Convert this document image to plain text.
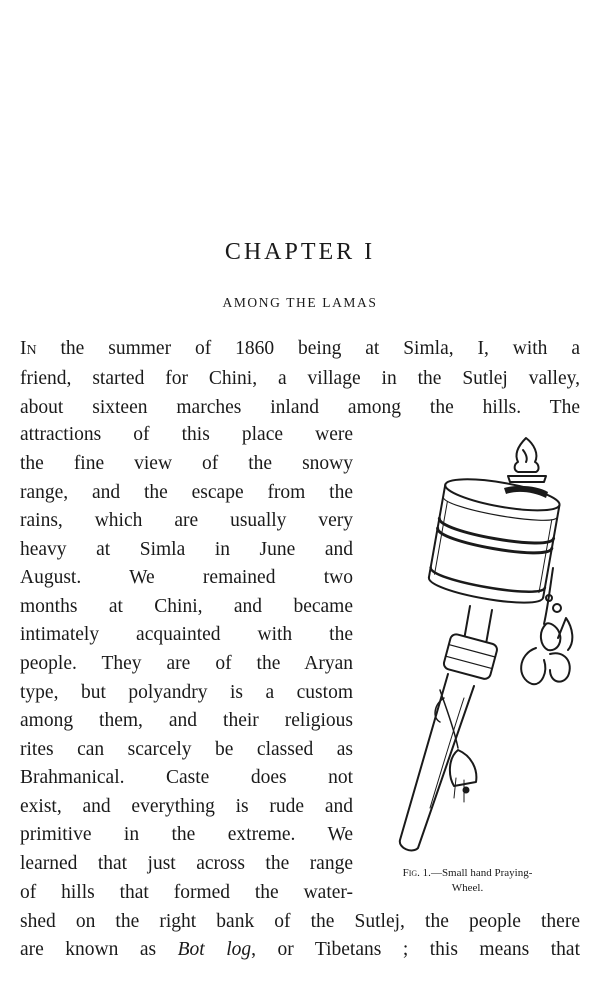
CHAPTER I
AMONG THE LAMAS
In the summer of 1860 being at Simla, I, with a
friend, started for Chini, a village in the Sutlej valley,
about sixteen marches inland among the hills. The
attractions of this place were
the fine view of the snowy
range, and the escape from the
rains, which are usually very
heavy at Simla in June and
August. We remained two
months at Chini, and became
intimately acquainted with the
people. They are of the Aryan
type, but polyandry is a custom
among them, and their religious
rites can scarcely be classed as
Brahmanical. Caste does not
exist, and everything is rude and
primitive in the extreme. We
learned that just across the range
of hills that formed the water-
shed on the right bank of the Sutlej, the people there
are known as Bot log, or Tibetans ; this means that
Fig. 1.—Small hand Praying-
Wheel.
